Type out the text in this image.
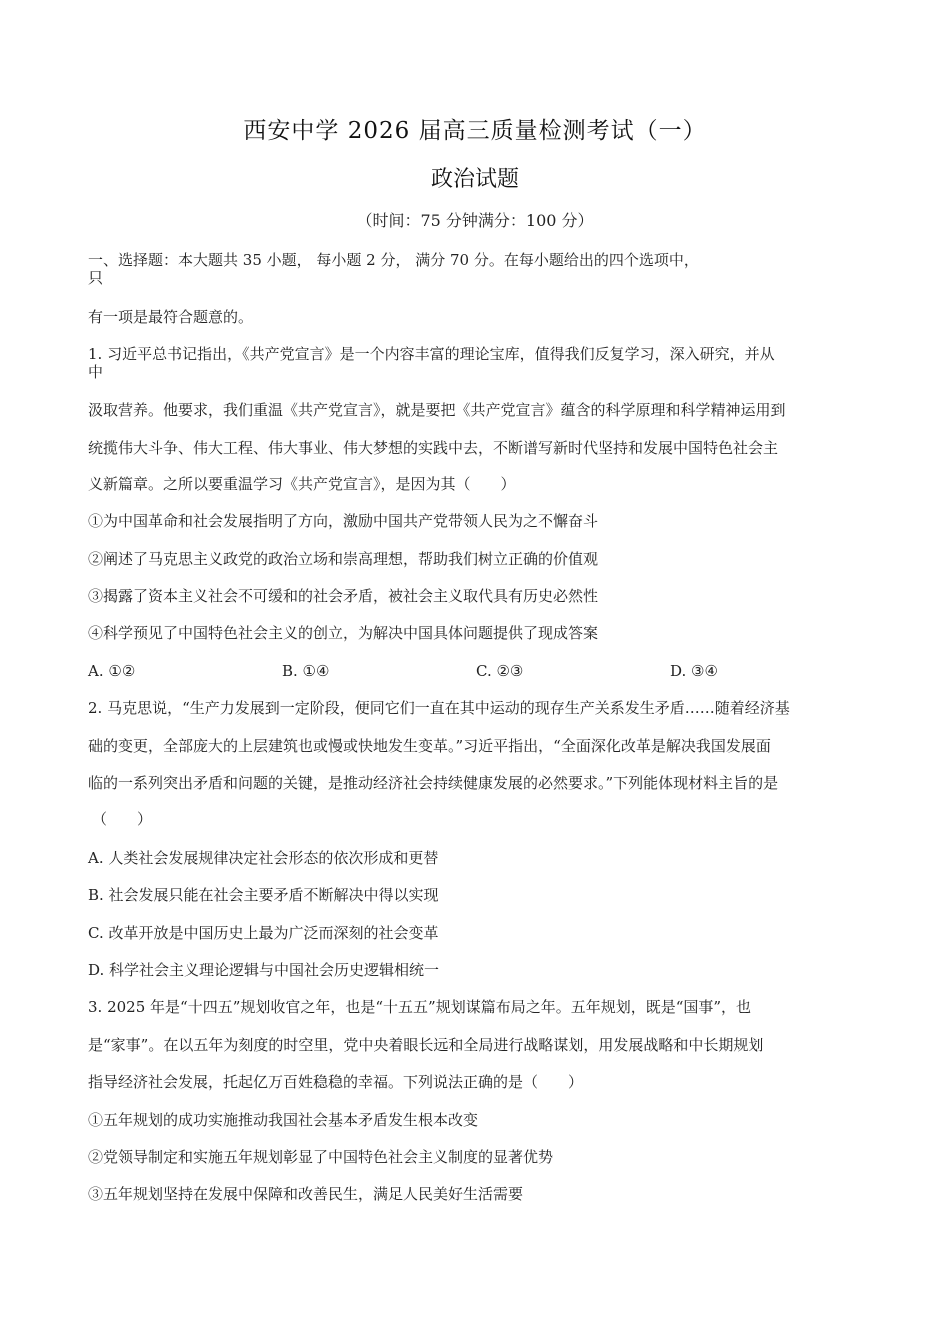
西安中学 2026 届高三质量检测考试（一）
政治试题
（时间：75 分钟满分：100 分）
一、选择题：本大题共 35 小题， 每小题 2 分， 满分 70 分。在每小题给出的四个选项中，
只
有一项是最符合题意的。
1. 习近平总书记指出，《共产党宣言》是一个内容丰富的理论宝库，值得我们反复学习，深入研究，并从
中
汲取营养。他要求，我们重温《共产党宣言》，就是要把《共产党宣言》蕴含的科学原理和科学精神运用到
统揽伟大斗争、伟大工程、伟大事业、伟大梦想的实践中去，不断谱写新时代坚持和发展中国特色社会主
义新篇章。之所以要重温学习《共产党宣言》，是因为其（　　）
①为中国革命和社会发展指明了方向，激励中国共产党带领人民为之不懈奋斗
②阐述了马克思主义政党的政治立场和崇高理想，帮助我们树立正确的价值观
③揭露了资本主义社会不可缓和的社会矛盾，被社会主义取代具有历史必然性
④科学预见了中国特色社会主义的创立，为解决中国具体问题提供了现成答案
A. ①②	B. ①④	C. ②③	D. ③④
2. 马克思说，“生产力发展到一定阶段，便同它们一直在其中运动的现存生产关系发生矛盾……随着经济基
础的变更，全部庞大的上层建筑也或慢或快地发生变革。”习近平指出，“全面深化改革是解决我国发展面
临的一系列突出矛盾和问题的关键，是推动经济社会持续健康发展的必然要求。”下列能体现材料主旨的是
（　　）
A. 人类社会发展规律决定社会形态的依次形成和更替
B. 社会发展只能在社会主要矛盾不断解决中得以实现
C. 改革开放是中国历史上最为广泛而深刻的社会变革
D. 科学社会主义理论逻辑与中国社会历史逻辑相统一
3. 2025 年是“十四五”规划收官之年，也是“十五五”规划谋篇布局之年。五年规划，既是“国事”，也
是“家事”。在以五年为刻度的时空里，党中央着眼长远和全局进行战略谋划，用发展战略和中长期规划
指导经济社会发展，托起亿万百姓稳稳的幸福。下列说法正确的是（　　）
①五年规划的成功实施推动我国社会基本矛盾发生根本改变
②党领导制定和实施五年规划彰显了中国特色社会主义制度的显著优势
③五年规划坚持在发展中保障和改善民生，满足人民美好生活需要
